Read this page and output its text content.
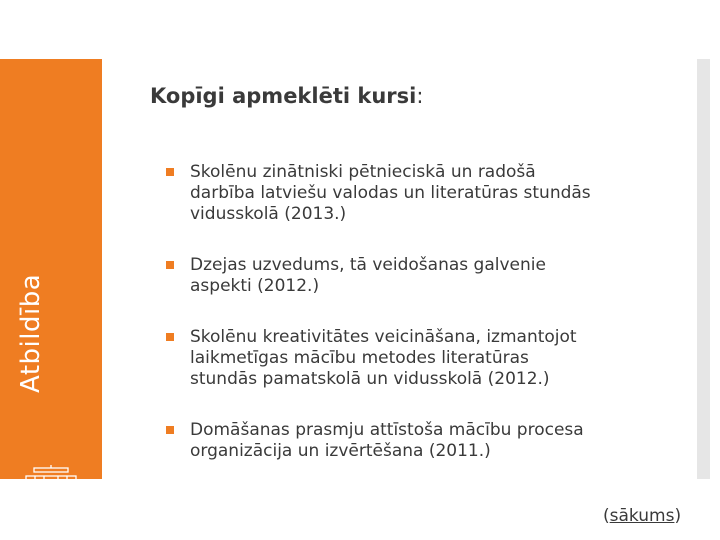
Atbildība
Kopīgi apmeklēti kursi:
Skolēnu zinātniski pētnieciskā un radošā
darbība latviešu valodas un literatūras stundās
vidusskolā (2013.)
Dzejas uzvedums, tā veidošanas galvenie
aspekti (2012.)
Skolēnu kreativitātes veicināšana, izmantojot
laikmetīgas mācību metodes literatūras
stundās pamatskolā un vidusskolā (2012.)
Domāšanas prasmju attīstoša mācību procesa
organizācija un izvērtēšana (2011.)
(sākums)
